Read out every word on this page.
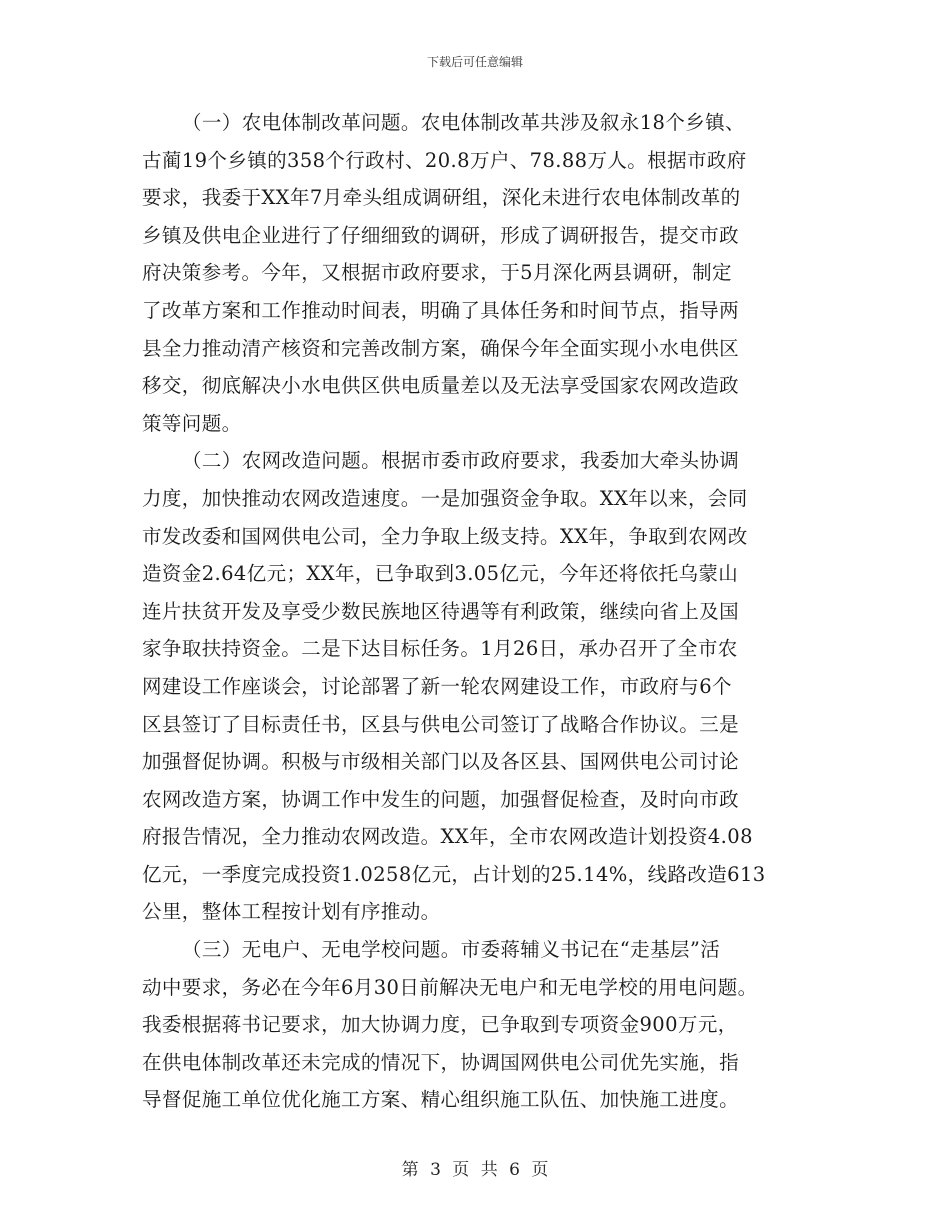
下载后可任意编辑
（一）农电体制改革问题。农电体制改革共涉及叙永18个乡镇、
古蔺19个乡镇的358个行政村、20.8万户、78.88万人。根据市政府
要求，我委于XX年7月牵头组成调研组，深化未进行农电体制改革的
乡镇及供电企业进行了仔细细致的调研，形成了调研报告，提交市政
府决策参考。今年，又根据市政府要求，于5月深化两县调研，制定
了改革方案和工作推动时间表，明确了具体任务和时间节点，指导两
县全力推动清产核资和完善改制方案，确保今年全面实现小水电供区
移交，彻底解决小水电供区供电质量差以及无法享受国家农网改造政
策等问题。
（二）农网改造问题。根据市委市政府要求，我委加大牵头协调
力度，加快推动农网改造速度。一是加强资金争取。XX年以来，会同
市发改委和国网供电公司，全力争取上级支持。XX年，争取到农网改
造资金2.64亿元；XX年，已争取到3.05亿元，今年还将依托乌蒙山
连片扶贫开发及享受少数民族地区待遇等有利政策，继续向省上及国
家争取扶持资金。二是下达目标任务。1月26日，承办召开了全市农
网建设工作座谈会，讨论部署了新一轮农网建设工作，市政府与6个
区县签订了目标责任书，区县与供电公司签订了战略合作协议。三是
加强督促协调。积极与市级相关部门以及各区县、国网供电公司讨论
农网改造方案，协调工作中发生的问题，加强督促检查，及时向市政
府报告情况，全力推动农网改造。XX年，全市农网改造计划投资4.08
亿元，一季度完成投资1.0258亿元，占计划的25.14%，线路改造613
公里，整体工程按计划有序推动。
（三）无电户、无电学校问题。市委蒋辅义书记在“走基层”活
动中要求，务必在今年6月30日前解决无电户和无电学校的用电问题。
我委根据蒋书记要求，加大协调力度，已争取到专项资金900万元，
在供电体制改革还未完成的情况下，协调国网供电公司优先实施，指
导督促施工单位优化施工方案、精心组织施工队伍、加快施工进度。
第 3 页 共 6 页
